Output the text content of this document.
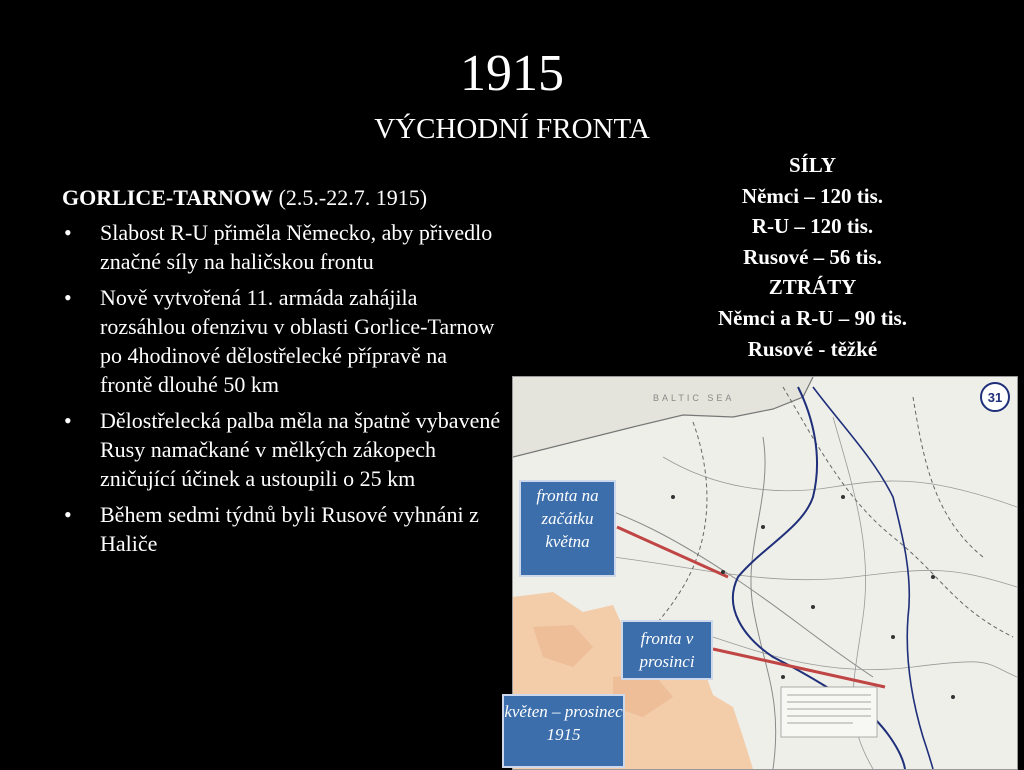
1915
VÝCHODNÍ FRONTA
GORLICE-TARNOW (2.5.-22.7. 1915)
• Slabost R-U přiměla Německo, aby přivedlo značné síly na haličskou frontu
• Nově vytvořená 11. armáda zahájila rozsáhlou ofenzivu v oblasti Gorlice-Tarnow po 4hodinové dělostřelecké přípravě na frontě dlouhé 50 km
• Dělostřelecká palba měla na špatně vybavené Rusy namačkané v mělkých zákopech zničující účinek a ustoupili o 25 km
• Během sedmi týdnů byli Rusové vyhnáni z Haliče
SÍLY
Němci – 120 tis.
R-U – 120 tis.
Rusové – 56 tis.
ZTRÁTY
Němci a R-U – 90 tis.
Rusové - těžké
BALTIC SEA	31
fronta na začátku května
fronta v prosinci
květen – prosinec 1915
